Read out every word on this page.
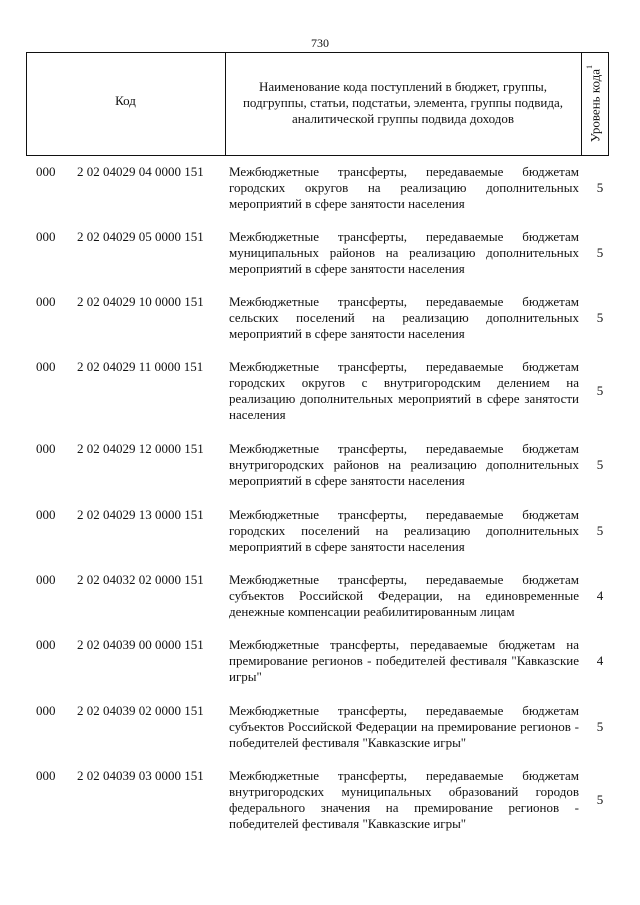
730
Код
Наименование кода поступлений в бюджет, группы, подгруппы, статьи, подстатьи, элемента, группы подвида, аналитической группы подвида доходов	Уровень кода$^1$
000 2 02 04029 04 0000 151 Межбюджетные трансферты, передаваемые бюджетам городских округов на реализацию дополнительных мероприятий в сфере занятости населения
5
000 2 02 04029 05 0000 151 Межбюджетные трансферты, передаваемые бюджетам муниципальных районов на реализацию дополнительных мероприятий в сфере занятости населения
5
000 2 02 04029 10 0000 151 Межбюджетные трансферты, передаваемые бюджетам сельских поселений на реализацию дополнительных мероприятий в сфере занятости населения
5
000 2 02 04029 11 0000 151 Межбюджетные трансферты, передаваемые бюджетам городских округов с внутригородским делением на реализацию дополнительных мероприятий в сфере занятости населения
5
000 2 02 04029 12 0000 151 Межбюджетные трансферты, передаваемые бюджетам внутригородских районов на реализацию дополнительных мероприятий в сфере занятости населения
5
000 2 02 04029 13 0000 151 Межбюджетные трансферты, передаваемые бюджетам городских поселений на реализацию дополнительных мероприятий в сфере занятости населения
5
000 2 02 04032 02 0000 151 Межбюджетные трансферты, передаваемые бюджетам субъектов Российской Федерации, на единовременные денежные компенсации реабилитированным лицам
4
000 2 02 04039 00 0000 151 Межбюджетные трансферты, передаваемые бюджетам на премирование регионов - победителей фестиваля "Кавказские игры"
4
000 2 02 04039 02 0000 151 Межбюджетные трансферты, передаваемые бюджетам субъектов Российской Федерации на премирование регионов - победителей фестиваля "Кавказские игры"
5
000 2 02 04039 03 0000 151 Межбюджетные трансферты, передаваемые бюджетам внутригородских муниципальных образований городов федерального значения на премирование регионов - победителей фестиваля "Кавказские игры"
5
